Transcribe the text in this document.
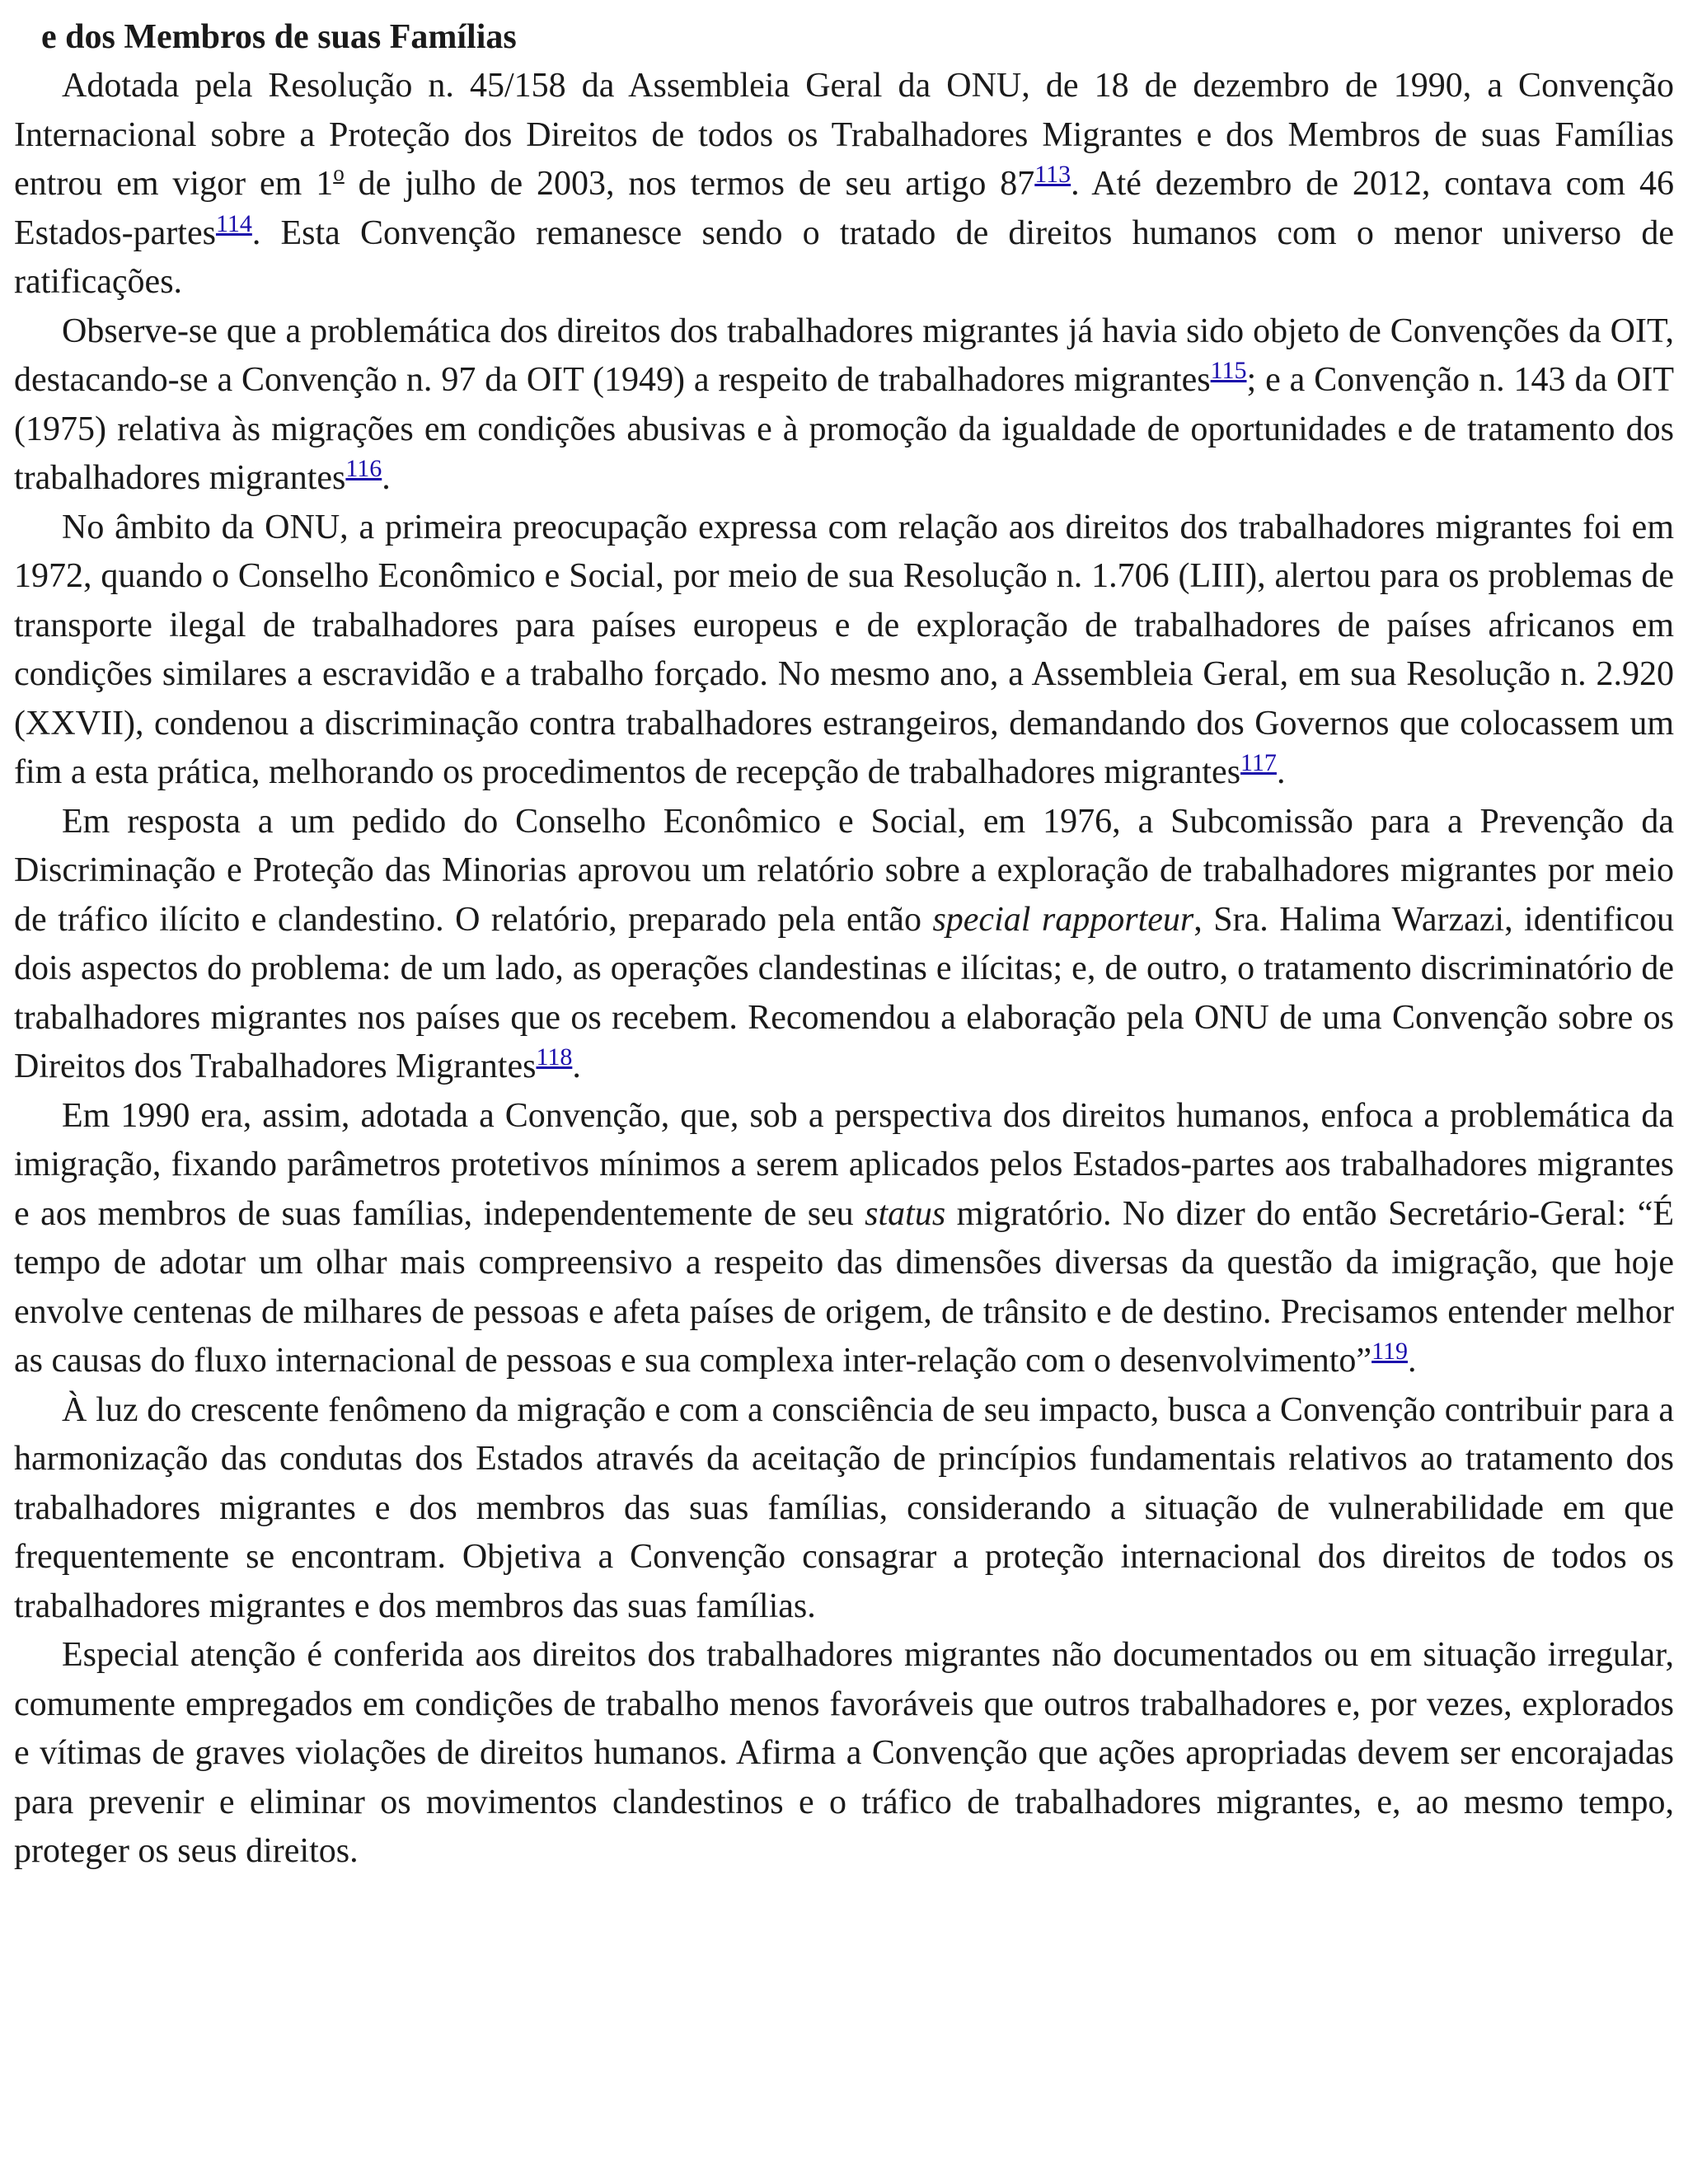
e dos Membros de suas Famílias

Adotada pela Resolução n. 45/158 da Assembleia Geral da ONU, de 18 de dezembro de 1990, a Convenção Internacional sobre a Proteção dos Direitos de todos os Trabalhadores Migrantes e dos Membros de suas Famílias entrou em vigor em 1$^o$ de julho de 2003, nos termos de seu artigo 87$^{113}$. Até dezembro de 2012, contava com 46 Estados-partes$^{114}$. Esta Convenção remanesce sendo o tratado de direitos humanos com o menor universo de ratificações.

Observe-se que a problemática dos direitos dos trabalhadores migrantes já havia sido objeto de Convenções da OIT, destacando-se a Convenção n. 97 da OIT (1949) a respeito de trabalhadores migrantes$^{115}$; e a Convenção n. 143 da OIT (1975) relativa às migrações em condições abusivas e à promoção da igualdade de oportunidades e de tratamento dos trabalhadores migrantes$^{116}$.

No âmbito da ONU, a primeira preocupação expressa com relação aos direitos dos trabalhadores migrantes foi em 1972, quando o Conselho Econômico e Social, por meio de sua Resolução n. 1.706 (LIII), alertou para os problemas de transporte ilegal de trabalhadores para países europeus e de exploração de trabalhadores de países africanos em condições similares a escravidão e a trabalho forçado. No mesmo ano, a Assembleia Geral, em sua Resolução n. 2.920 (XXVII), condenou a discriminação contra trabalhadores estrangeiros, demandando dos Governos que colocassem um fim a esta prática, melhorando os procedimentos de recepção de trabalhadores migrantes$^{117}$.

Em resposta a um pedido do Conselho Econômico e Social, em 1976, a Subcomissão para a Prevenção da Discriminação e Proteção das Minorias aprovou um relatório sobre a exploração de trabalhadores migrantes por meio de tráfico ilícito e clandestino. O relatório, preparado pela então special rapporteur, Sra. Halima Warzazi, identificou dois aspectos do problema: de um lado, as operações clandestinas e ilícitas; e, de outro, o tratamento discriminatório de trabalhadores migrantes nos países que os recebem. Recomendou a elaboração pela ONU de uma Convenção sobre os Direitos dos Trabalhadores Migrantes$^{118}$.

Em 1990 era, assim, adotada a Convenção, que, sob a perspectiva dos direitos humanos, enfoca a problemática da imigração, fixando parâmetros protetivos mínimos a serem aplicados pelos Estados-partes aos trabalhadores migrantes e aos membros de suas famílias, independentemente de seu status migratório. No dizer do então Secretário-Geral: “É tempo de adotar um olhar mais compreensivo a respeito das dimensões diversas da questão da imigração, que hoje envolve centenas de milhares de pessoas e afeta países de origem, de trânsito e de destino. Precisamos entender melhor as causas do fluxo internacional de pessoas e sua complexa inter-relação com o desenvolvimento”$^{119}$.

À luz do crescente fenômeno da migração e com a consciência de seu impacto, busca a Convenção contribuir para a harmonização das condutas dos Estados através da aceitação de princípios fundamentais relativos ao tratamento dos trabalhadores migrantes e dos membros das suas famílias, considerando a situação de vulnerabilidade em que frequentemente se encontram. Objetiva a Convenção consagrar a proteção internacional dos direitos de todos os trabalhadores migrantes e dos membros das suas famílias.

Especial atenção é conferida aos direitos dos trabalhadores migrantes não documentados ou em situação irregular, comumente empregados em condições de trabalho menos favoráveis que outros trabalhadores e, por vezes, explorados e vítimas de graves violações de direitos humanos. Afirma a Convenção que ações apropriadas devem ser encorajadas para prevenir e eliminar os movimentos clandestinos e o tráfico de trabalhadores migrantes, e, ao mesmo tempo, proteger os seus direitos.
